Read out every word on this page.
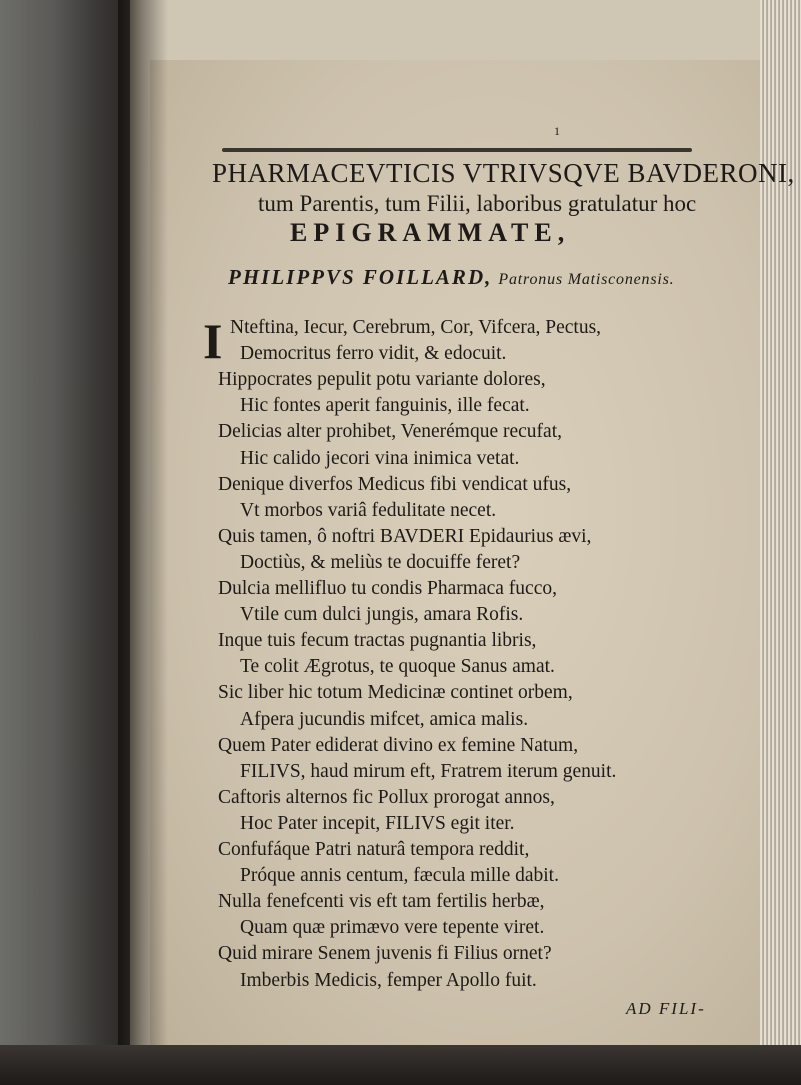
1

PHARMACEVTICIS VTRIVSQVE BAVDERONI,

tum Parentis, tum Filii, laboribus gratulatur hoc

EPIGRAMMATE,

PHILIPPVS FOILLARD, Patronus Matisconensis.

I Nteftina, Iecur, Cerebrum, Cor, Vifcera, Pectus,

Democritus ferro vidit, & edocuit.

Hippocrates pepulit potu variante dolores,

Hic fontes aperit fanguinis, ille fecat.

Delicias alter prohibet, Venerémque recufat,

Hic calido jecori vina inimica vetat.

Denique diverfos Medicus fibi vendicat ufus,

Vt morbos variâ fedulitate necet.

Quis tamen, ô noftri BAVDERI Epidaurius ævi,

Doctiùs, & meliùs te docuiffe feret?

Dulcia mellifluo tu condis Pharmaca fucco,

Vtile cum dulci jungis, amara Rofis.

Inque tuis fecum tractas pugnantia libris,

Te colit Ægrotus, te quoque Sanus amat.

Sic liber hic totum Medicinæ continet orbem,

Afpera jucundis mifcet, amica malis.

Quem Pater ediderat divino ex femine Natum,

FILIVS, haud mirum eft, Fratrem iterum genuit.

Caftoris alternos fic Pollux prorogat annos,

Hoc Pater incepit, FILIVS egit iter.

Confufáque Patri naturâ tempora reddit,

Próque annis centum, fæcula mille dabit.

Nulla fenefcenti vis eft tam fertilis herbæ,

Quam quæ primævo vere tepente viret.

Quid mirare Senem juvenis fi Filius ornet?

Imberbis Medicis, femper Apollo fuit.

AD FILI-
